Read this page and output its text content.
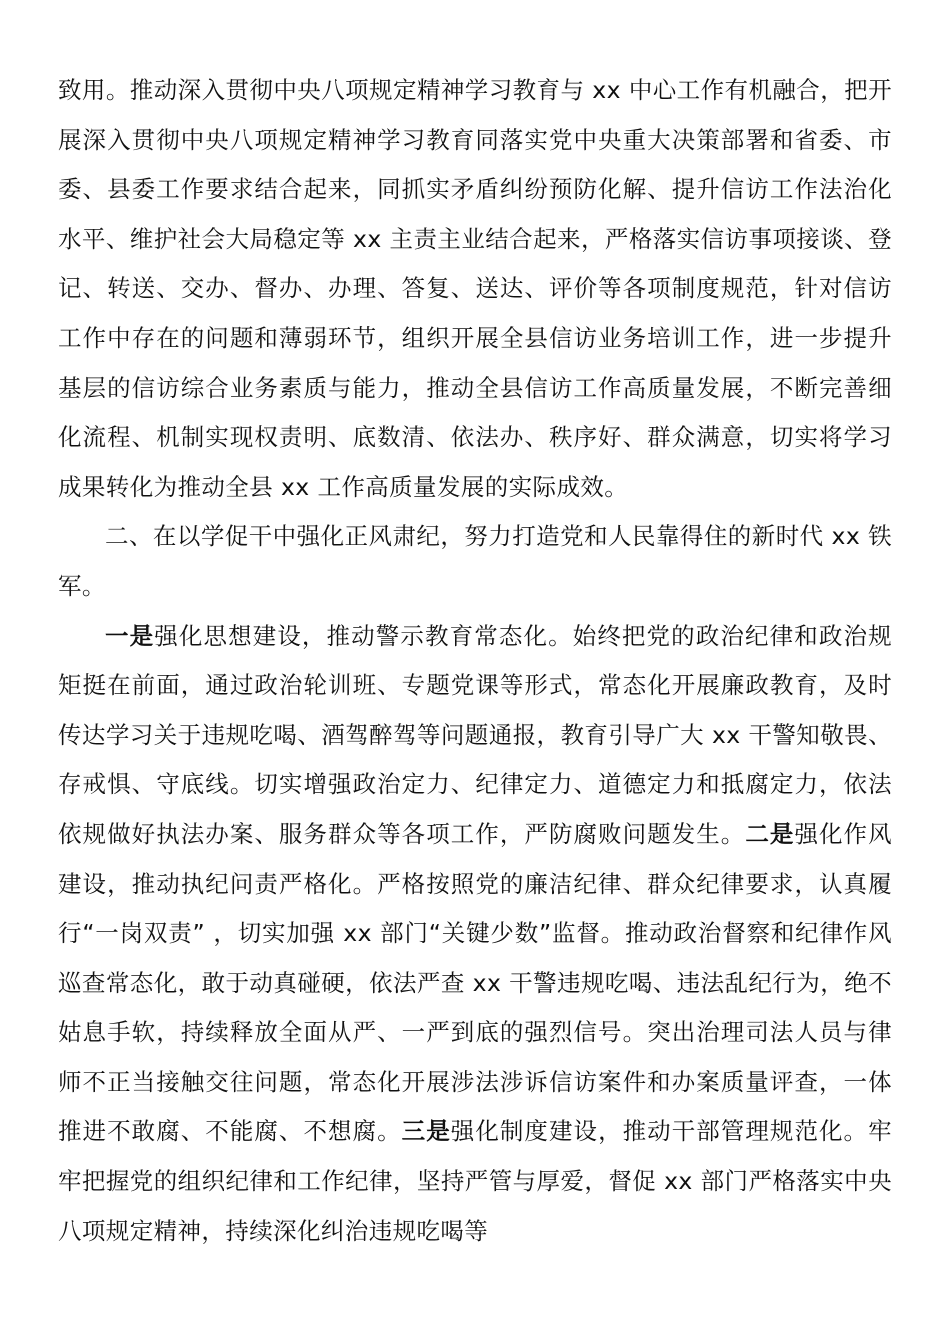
致用。推动深入贯彻中央八项规定精神学习教育与 xx 中心工作有机融合，把开展深入贯彻中央八项规定精神学习教育同落实党中央重大决策部署和省委、市委、县委工作要求结合起来，同抓实矛盾纠纷预防化解、提升信访工作法治化水平、维护社会大局稳定等 xx 主责主业结合起来，严格落实信访事项接谈、登记、转送、交办、督办、办理、答复、送达、评价等各项制度规范，针对信访工作中存在的问题和薄弱环节，组织开展全县信访业务培训工作，进一步提升基层的信访综合业务素质与能力，推动全县信访工作高质量发展，不断完善细化流程、机制实现权责明、底数清、依法办、秩序好、群众满意，切实将学习成果转化为推动全县 xx 工作高质量发展的实际成效。

二、在以学促干中强化正风肃纪，努力打造党和人民靠得住的新时代 xx 铁军。

一是强化思想建设，推动警示教育常态化。始终把党的政治纪律和政治规矩挺在前面，通过政治轮训班、专题党课等形式，常态化开展廉政教育，及时传达学习关于违规吃喝、酒驾醉驾等问题通报，教育引导广大 xx 干警知敬畏、存戒惧、守底线。切实增强政治定力、纪律定力、道德定力和抵腐定力，依法依规做好执法办案、服务群众等各项工作，严防腐败问题发生。二是强化作风建设，推动执纪问责严格化。严格按照党的廉洁纪律、群众纪律要求，认真履行“一岗双责” ，切实加强 xx 部门“关键少数”监督。推动政治督察和纪律作风巡查常态化，敢于动真碰硬，依法严查 xx 干警违规吃喝、违法乱纪行为，绝不姑息手软，持续释放全面从严、一严到底的强烈信号。突出治理司法人员与律师不正当接触交往问题，常态化开展涉法涉诉信访案件和办案质量评查，一体推进不敢腐、不能腐、不想腐。三是强化制度建设，推动干部管理规范化。牢牢把握党的组织纪律和工作纪律，坚持严管与厚爱，督促 xx 部门严格落实中央八项规定精神，持续深化纠治违规吃喝等
